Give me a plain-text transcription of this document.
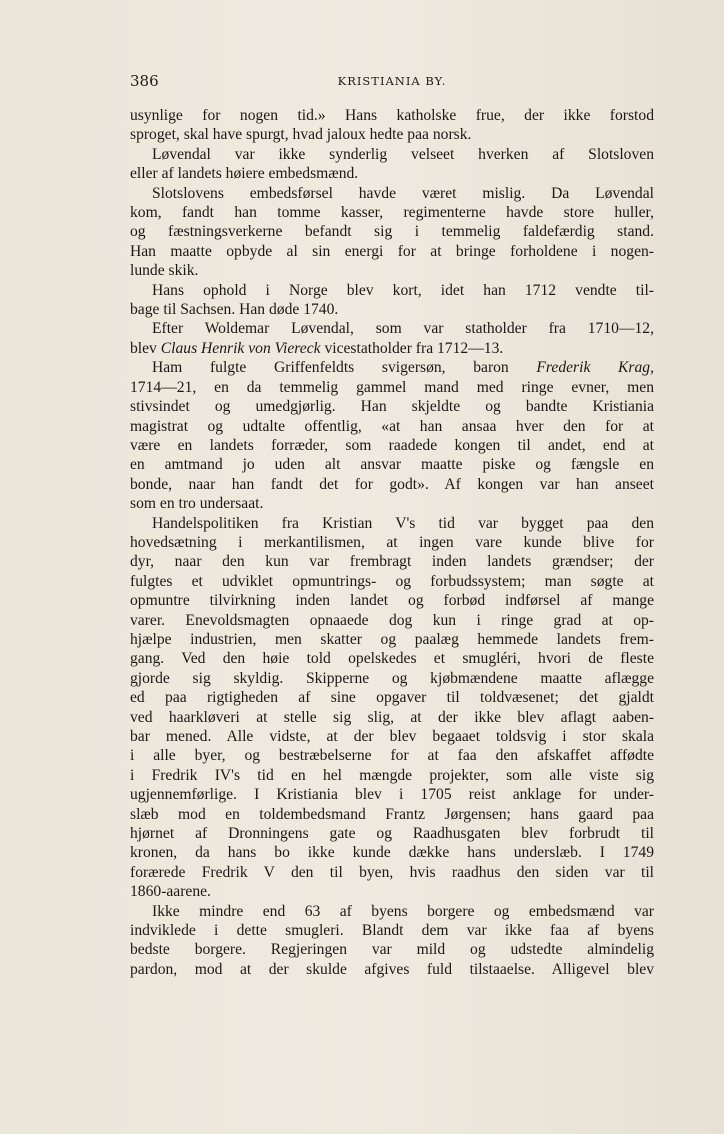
386	KRISTIANIA BY.
usynlige for nogen tid.» Hans katholske frue, der ikke forstod
sproget, skal have spurgt, hvad jaloux hedte paa norsk.
Løvendal var ikke synderlig velseet hverken af Slotsloven
eller af landets høiere embedsmænd.
Slotslovens embedsførsel havde været mislig. Da Løvendal
kom, fandt han tomme kasser, regimenterne havde store huller,
og fæstningsverkerne befandt sig i temmelig faldefærdig stand.
Han maatte opbyde al sin energi for at bringe forholdene i nogen-
lunde skik.
Hans ophold i Norge blev kort, idet han 1712 vendte til-
bage til Sachsen. Han døde 1740.
Efter Woldemar Løvendal, som var statholder fra 1710—12,
blev Claus Henrik von Viereck vicestatholder fra 1712—13.
Ham fulgte Griffenfeldts svigersøn, baron Frederik Krag,
1714—21, en da temmelig gammel mand med ringe evner, men
stivsindet og umedgjørlig. Han skjeldte og bandte Kristiania
magistrat og udtalte offentlig, «at han ansaa hver den for at
være en landets forræder, som raadede kongen til andet, end at
en amtmand jo uden alt ansvar maatte piske og fængsle en
bonde, naar han fandt det for godt». Af kongen var han anseet
som en tro undersaat.
Handelspolitiken fra Kristian V's tid var bygget paa den
hovedsætning i merkantilismen, at ingen vare kunde blive for
dyr, naar den kun var frembragt inden landets grændser; der
fulgtes et udviklet opmuntrings- og forbudssystem; man søgte at
opmuntre tilvirkning inden landet og forbød indførsel af mange
varer. Enevoldsmagten opnaaede dog kun i ringe grad at op-
hjælpe industrien, men skatter og paalæg hemmede landets frem-
gang. Ved den høie told opelskedes et smugléri, hvori de fleste
gjorde sig skyldig. Skipperne og kjøbmændene maatte aflægge
ed paa rigtigheden af sine opgaver til toldvæsenet; det gjaldt
ved haarkløveri at stelle sig slig, at der ikke blev aflagt aaben-
bar mened. Alle vidste, at der blev begaaet toldsvig i stor skala
i alle byer, og bestræbelserne for at faa den afskaffet affødte
i Fredrik IV's tid en hel mængde projekter, som alle viste sig
ugjennemførlige. I Kristiania blev i 1705 reist anklage for under-
slæb mod en toldembedsmand Frantz Jørgensen; hans gaard paa
hjørnet af Dronningens gate og Raadhusgaten blev forbrudt til
kronen, da hans bo ikke kunde dække hans underslæb. I 1749
forærede Fredrik V den til byen, hvis raadhus den siden var til
1860-aarene.
Ikke mindre end 63 af byens borgere og embedsmænd var
indviklede i dette smugleri. Blandt dem var ikke faa af byens
bedste borgere. Regjeringen var mild og udstedte almindelig
pardon, mod at der skulde afgives fuld tilstaaelse. Alligevel blev
